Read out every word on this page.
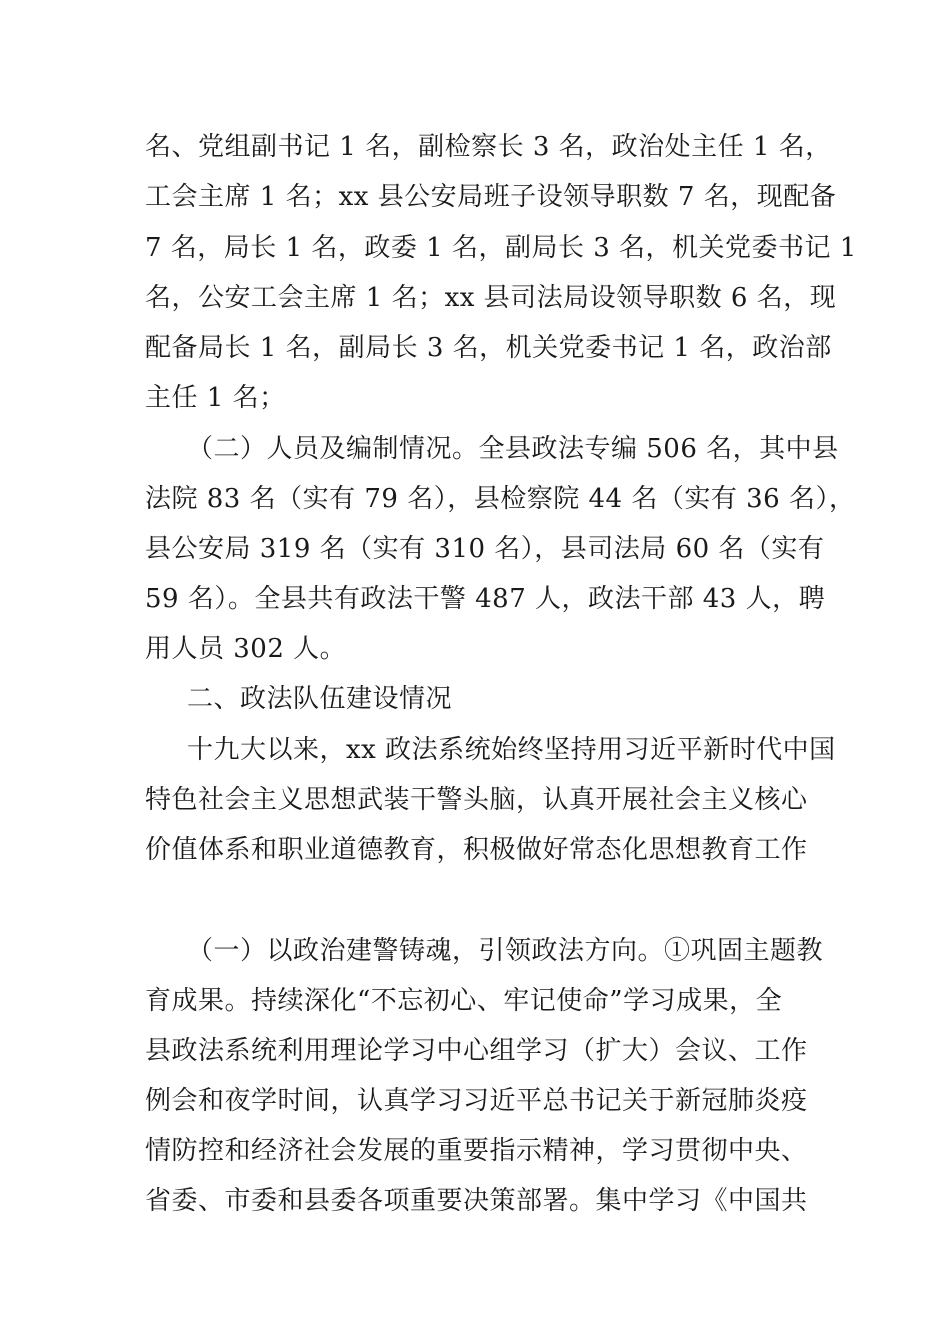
名、党组副书记 1 名，副检察长 3 名，政治处主任 1 名，
工会主席 1 名；xx 县公安局班子设领导职数 7 名，现配备
7 名，局长 1 名，政委 1 名，副局长 3 名，机关党委书记 1
名，公安工会主席 1 名；xx 县司法局设领导职数 6 名，现
配备局长 1 名，副局长 3 名，机关党委书记 1 名，政治部
主任 1 名；
（二）人员及编制情况。全县政法专编 506 名，其中县
法院 83 名（实有 79 名），县检察院 44 名（实有 36 名），
县公安局 319 名（实有 310 名），县司法局 60 名（实有
59 名）。全县共有政法干警 487 人，政法干部 43 人，聘
用人员 302 人。
二、政法队伍建设情况
十九大以来，xx 政法系统始终坚持用习近平新时代中国
特色社会主义思想武装干警头脑，认真开展社会主义核心
价值体系和职业道德教育，积极做好常态化思想教育工作
（一）以政治建警铸魂，引领政法方向。①巩固主题教
育成果。持续深化“不忘初心、牢记使命”学习成果，全
县政法系统利用理论学习中心组学习（扩大）会议、工作
例会和夜学时间，认真学习习近平总书记关于新冠肺炎疫
情防控和经济社会发展的重要指示精神，学习贯彻中央、
省委、市委和县委各项重要决策部署。集中学习《中国共
